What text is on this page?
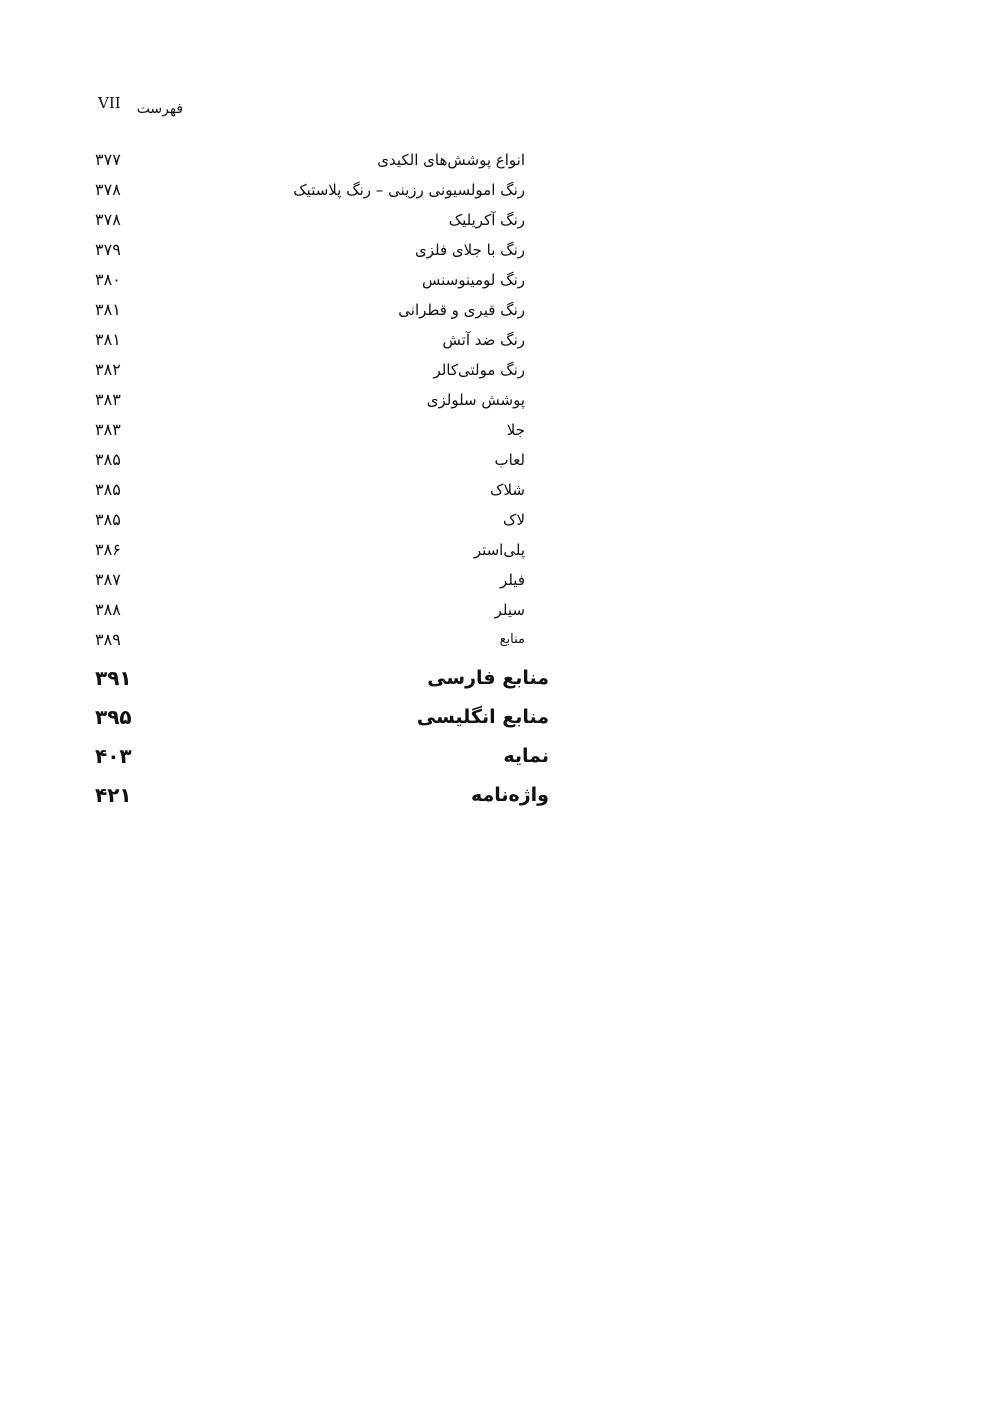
VII فهرست
۳۷۷	انواع پوشش‌های الکیدی
۳۷۸	رنگ امولسیونی رزینی – رنگ پلاستیک
۳۷۸	رنگ آکریلیک
۳۷۹	رنگ با جلای فلزی
۳۸۰	رنگ لومینوسنس
۳۸۱	رنگ قیری و قطرانی
۳۸۱	رنگ ضد آتش
۳۸۲	رنگ مولتی‌کالر
۳۸۳	پوشش سلولزی
۳۸۳	جلا
۳۸۵	لعاب
۳۸۵	شلاک
۳۸۵	لاک
۳۸۶	پلی‌استر
۳۸۷	فیلر
۳۸۸	سیلر
۳۸۹	منابع
۳۹۱	منابع فارسی
۳۹۵	منابع انگلیسی
۴۰۳	نمایه
۴۲۱	واژه‌نامه
